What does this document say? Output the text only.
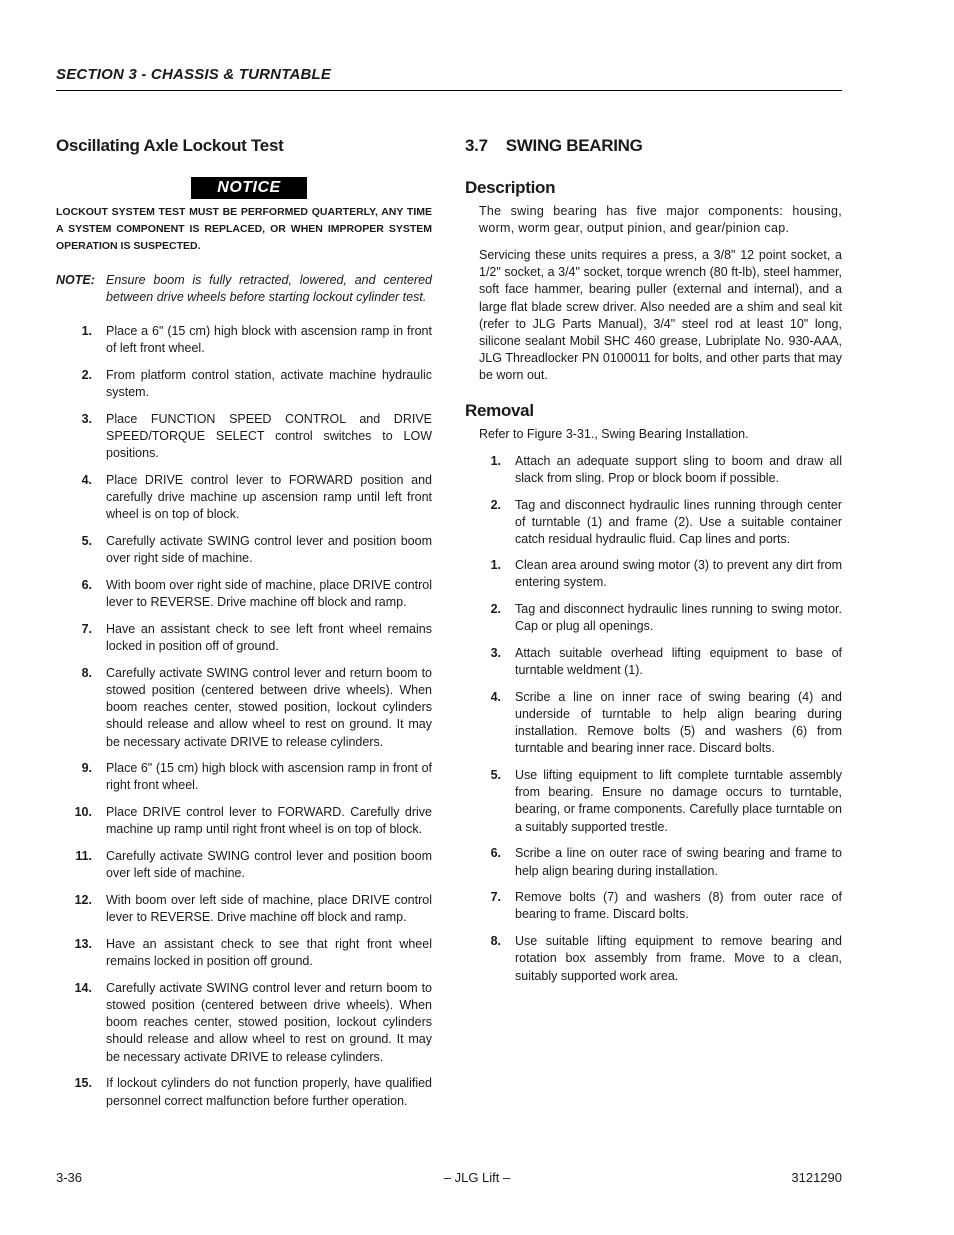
SECTION 3 - CHASSIS & TURNTABLE
Oscillating Axle Lockout Test
NOTICE
LOCKOUT SYSTEM TEST MUST BE PERFORMED QUARTERLY, ANY TIME A SYSTEM COMPONENT IS REPLACED, OR WHEN IMPROPER SYSTEM OPERATION IS SUSPECTED.
NOTE: Ensure boom is fully retracted, lowered, and centered between drive wheels before starting lockout cylinder test.
1. Place a 6" (15 cm) high block with ascension ramp in front of left front wheel.
2. From platform control station, activate machine hydraulic system.
3. Place FUNCTION SPEED CONTROL and DRIVE SPEED/TORQUE SELECT control switches to LOW positions.
4. Place DRIVE control lever to FORWARD position and carefully drive machine up ascension ramp until left front wheel is on top of block.
5. Carefully activate SWING control lever and position boom over right side of machine.
6. With boom over right side of machine, place DRIVE control lever to REVERSE. Drive machine off block and ramp.
7. Have an assistant check to see left front wheel remains locked in position off of ground.
8. Carefully activate SWING control lever and return boom to stowed position (centered between drive wheels). When boom reaches center, stowed position, lockout cylinders should release and allow wheel to rest on ground. It may be necessary activate DRIVE to release cylinders.
9. Place 6" (15 cm) high block with ascension ramp in front of right front wheel.
10. Place DRIVE control lever to FORWARD. Carefully drive machine up ramp until right front wheel is on top of block.
11. Carefully activate SWING control lever and position boom over left side of machine.
12. With boom over left side of machine, place DRIVE control lever to REVERSE. Drive machine off block and ramp.
13. Have an assistant check to see that right front wheel remains locked in position off ground.
14. Carefully activate SWING control lever and return boom to stowed position (centered between drive wheels). When boom reaches center, stowed position, lockout cylinders should release and allow wheel to rest on ground. It may be necessary activate DRIVE to release cylinders.
15. If lockout cylinders do not function properly, have qualified personnel correct malfunction before further operation.
3.7 SWING BEARING
Description
The swing bearing has five major components: housing, worm, worm gear, output pinion, and gear/pinion cap.
Servicing these units requires a press, a 3/8" 12 point socket, a 1/2" socket, a 3/4" socket, torque wrench (80 ft-lb), steel hammer, soft face hammer, bearing puller (external and internal), and a large flat blade screw driver. Also needed are a shim and seal kit (refer to JLG Parts Manual), 3/4" steel rod at least 10" long, silicone sealant Mobil SHC 460 grease, Lubriplate No. 930-AAA, JLG Threadlocker PN 0100011 for bolts, and other parts that may be worn out.
Removal
Refer to Figure 3-31., Swing Bearing Installation.
1. Attach an adequate support sling to boom and draw all slack from sling. Prop or block boom if possible.
2. Tag and disconnect hydraulic lines running through center of turntable (1) and frame (2). Use a suitable container catch residual hydraulic fluid. Cap lines and ports.
1. Clean area around swing motor (3) to prevent any dirt from entering system.
2. Tag and disconnect hydraulic lines running to swing motor. Cap or plug all openings.
3. Attach suitable overhead lifting equipment to base of turntable weldment (1).
4. Scribe a line on inner race of swing bearing (4) and underside of turntable to help align bearing during installation. Remove bolts (5) and washers (6) from turntable and bearing inner race. Discard bolts.
5. Use lifting equipment to lift complete turntable assembly from bearing. Ensure no damage occurs to turntable, bearing, or frame components. Carefully place turntable on a suitably supported trestle.
6. Scribe a line on outer race of swing bearing and frame to help align bearing during installation.
7. Remove bolts (7) and washers (8) from outer race of bearing to frame. Discard bolts.
8. Use suitable lifting equipment to remove bearing and rotation box assembly from frame. Move to a clean, suitably supported work area.
3-36	– JLG Lift –	3121290
